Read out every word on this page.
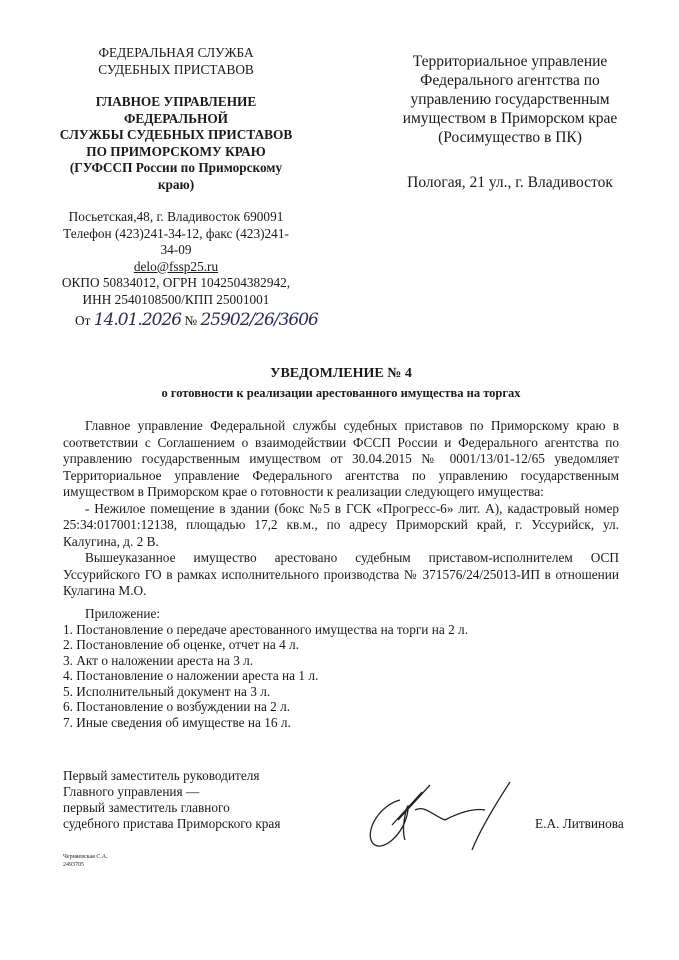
ФЕДЕРАЛЬНАЯ СЛУЖБА
СУДЕБНЫХ ПРИСТАВОВ
ГЛАВНОЕ УПРАВЛЕНИЕ
ФЕДЕРАЛЬНОЙ
СЛУЖБЫ СУДЕБНЫХ ПРИСТАВОВ
ПО ПРИМОРСКОМУ КРАЮ
(ГУФССП России по Приморскому
краю)
Посьетская,48, г. Владивосток 690091
Телефон (423)241-34-12, факс (423)241-34-09
delo@fssp25.ru
ОКПО 50834012, ОГРН 1042504382942,
ИНН 2540108500/КПП 25001001
От 14.01.2026 № 25902/26/3606
Территориальное управление
Федерального агентства по
управлению государственным
имуществом в Приморском крае
(Росимущество в ПК)
Пологая, 21 ул., г. Владивосток
УВЕДОМЛЕНИЕ № 4
о готовности к реализации арестованного имущества на торгах

Главное управление Федеральной службы судебных приставов по Приморскому краю в соответствии с Соглашением о взаимодействии ФССП России и Федерального агентства по управлению государственным имуществом от 30.04.2015 № 0001/13/01-12/65 уведомляет Территориальное управление Федерального агентства по управлению государственным имуществом в Приморском крае о готовности к реализации следующего имущества:

- Нежилое помещение в здании (бокс №5 в ГСК «Прогресс-6» лит. А), кадастровый номер 25:34:017001:12138, площадью 17,2 кв.м., по адресу Приморский край, г. Уссурийск, ул. Калугина, д. 2 В.

Вышеуказанное имущество арестовано судебным приставом-исполнителем ОСП Уссурийского ГО в рамках исполнительного производства № 371576/24/25013-ИП в отношении Кулагина М.О.

Приложение:
1. Постановление о передаче арестованного имущества на торги на 2 л.
2. Постановление об оценке, отчет на 4 л.
3. Акт о наложении ареста на 3 л.
4. Постановление о наложении ареста на 1 л.
5. Исполнительный документ на 3 л.
6. Постановление о возбуждении на 2 л.
7. Иные сведения об имуществе на 16 л.
Первый заместитель руководителя
Главного управления —
первый заместитель главного
судебного пристава Приморского края	Е.А. Литвинова
Черняевская С.А.
2493705
